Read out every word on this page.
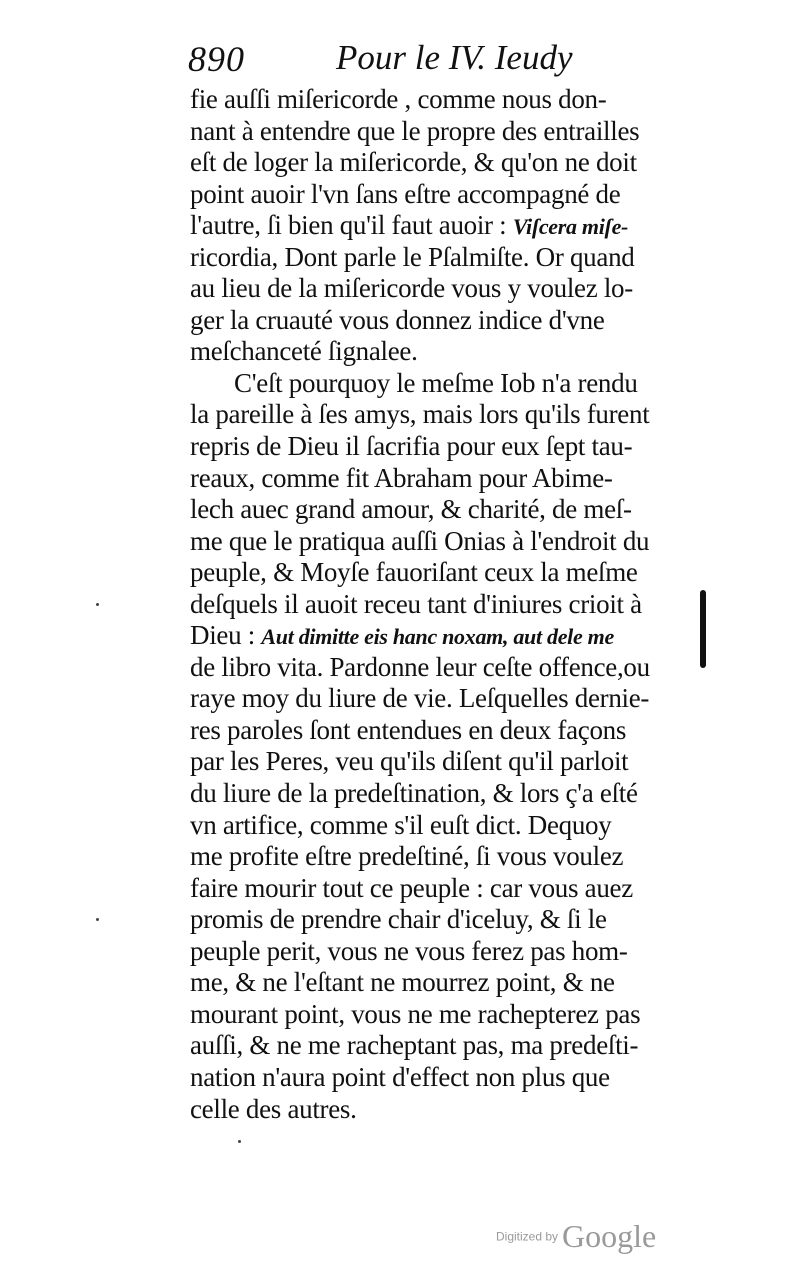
890	Pour le IV. Ieudy
fie auſſi miſericorde , comme nous don-
nant à entendre que le propre des entrailles
eſt de loger la miſericorde, & qu'on ne doit
point auoir l'vn ſans eſtre accompagné de
l'autre, ſi bien qu'il faut auoir : Viſcera miſe-
ricordia, Dont parle le Pſalmiſte. Or quand
au lieu de la miſericorde vous y voulez lo-
ger la cruauté vous donnez indice d'vne
meſchanceté ſignalee.
C'eſt pourquoy le meſme Iob n'a rendu
la pareille à ſes amys, mais lors qu'ils furent
repris de Dieu il ſacrifia pour eux ſept tau-
reaux, comme fit Abraham pour Abime-
lech auec grand amour, & charité, de meſ-
me que le pratiqua auſſi Onias à l'endroit du
peuple, & Moyſe fauoriſant ceux la meſme
deſquels il auoit receu tant d'iniures crioit à
Dieu : Aut dimitte eis hanc noxam, aut dele me
de libro vita. Pardonne leur ceſte offence,ou
raye moy du liure de vie. Leſquelles dernie-
res paroles ſont entendues en deux façons
par les Peres, veu qu'ils diſent qu'il parloit
du liure de la predeſtination, & lors ç'a eſté
vn artifice, comme s'il euſt dict. Dequoy
me profite eſtre predeſtiné, ſi vous voulez
faire mourir tout ce peuple : car vous auez
promis de prendre chair d'iceluy, & ſi le
peuple perit, vous ne vous ferez pas hom-
me, & ne l'eſtant ne mourrez point, & ne
mourant point, vous ne me rachepterez pas
auſſi, & ne me racheptant pas, ma predeſti-
nation n'aura point d'effect non plus que
celle des autres.
Digitized by Google
